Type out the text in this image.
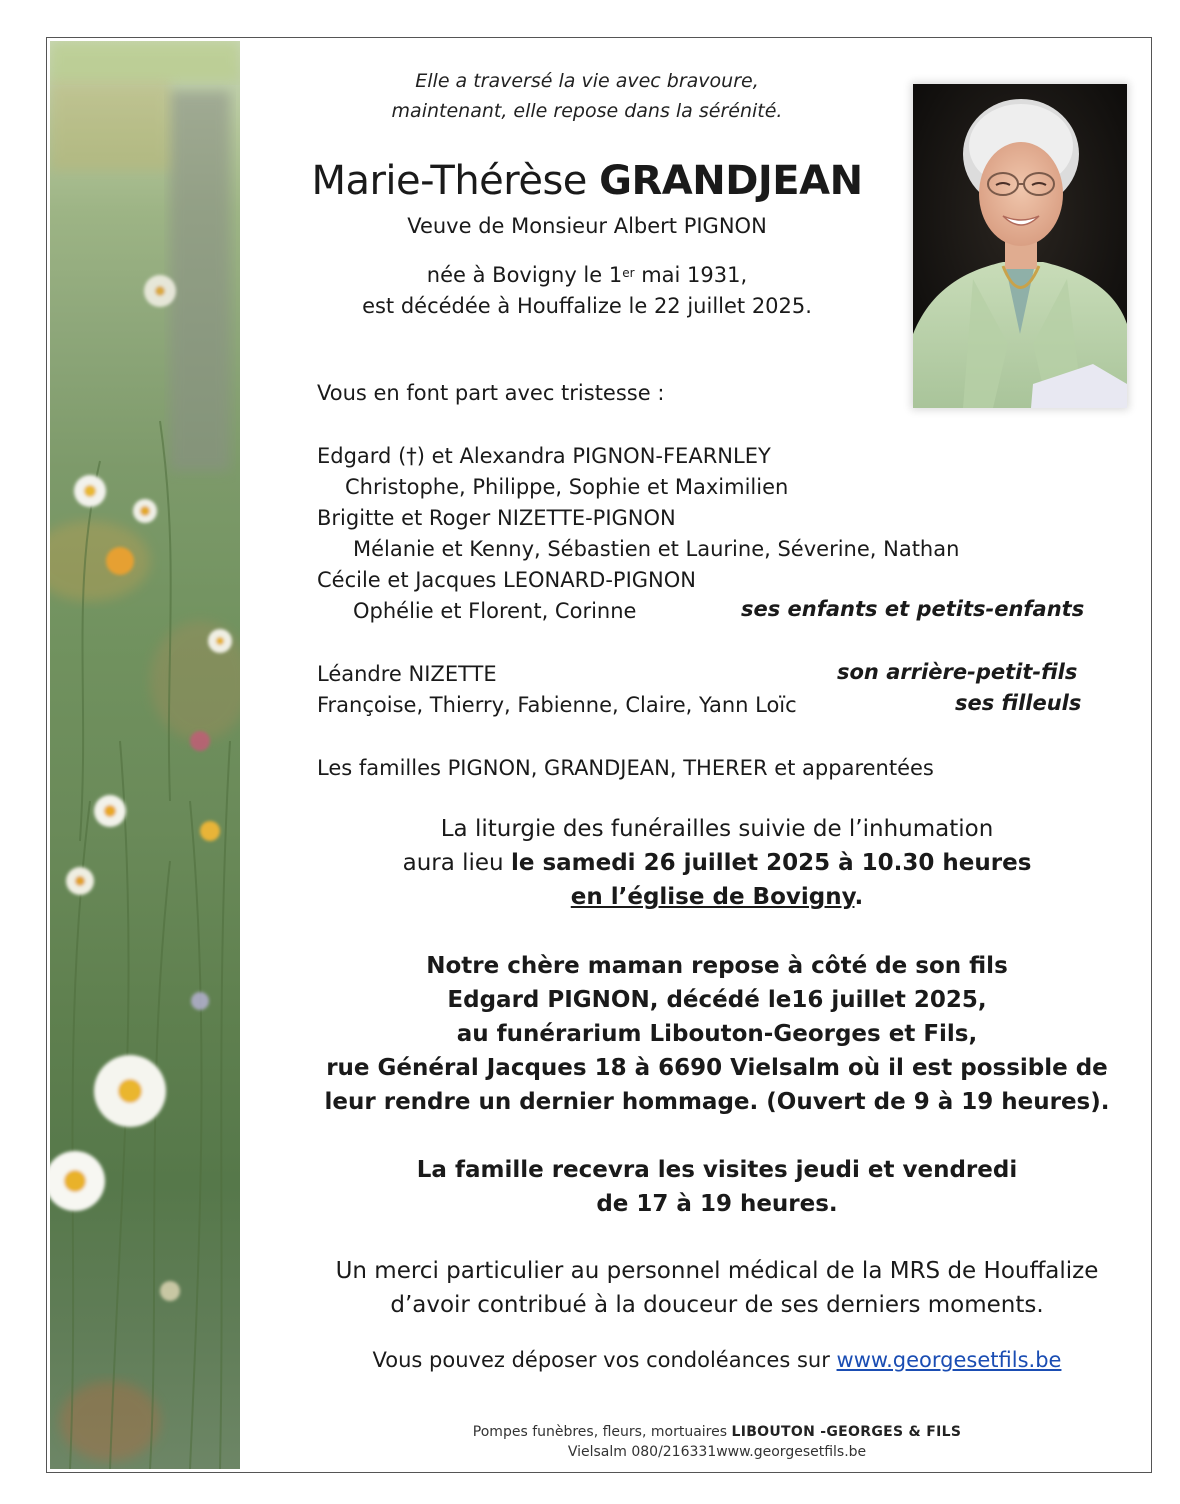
Elle a traversé la vie avec bravoure,
maintenant, elle repose dans la sérénité.
Marie-Thérèse GRANDJEAN
Veuve de Monsieur Albert PIGNON
née à Bovigny le 1er mai 1931,
est décédée à Houffalize le 22 juillet 2025.
Vous en font part avec tristesse :
Edgard (†) et Alexandra PIGNON-FEARNLEY
Christophe, Philippe, Sophie et Maximilien
Brigitte et Roger NIZETTE-PIGNON
Mélanie et Kenny, Sébastien et Laurine, Séverine, Nathan
Cécile et Jacques LEONARD-PIGNON
Ophélie et Florent, Corinne	ses enfants et petits-enfants
Léandre NIZETTE	son arrière-petit-fils
Françoise, Thierry, Fabienne, Claire, Yann Loïc	ses filleuls
Les familles PIGNON, GRANDJEAN, THERER et apparentées
La liturgie des funérailles suivie de l’inhumation
aura lieu le samedi 26 juillet 2025 à 10.30 heures
en l’église de Bovigny.
Notre chère maman repose à côté de son fils
Edgard PIGNON, décédé le16 juillet 2025,
au funérarium Libouton-Georges et Fils,
rue Général Jacques 18 à 6690 Vielsalm où il est possible de
leur rendre un dernier hommage. (Ouvert de 9 à 19 heures).
La famille recevra les visites jeudi et vendredi
de 17 à 19 heures.
Un merci particulier au personnel médical de la MRS de Houffalize
d’avoir contribué à la douceur de ses derniers moments.
Vous pouvez déposer vos condoléances sur www.georgesetfils.be
Pompes funèbres, fleurs, mortuaires LIBOUTON -GEORGES & FILS
Vielsalm 080/216331www.georgesetfils.be
